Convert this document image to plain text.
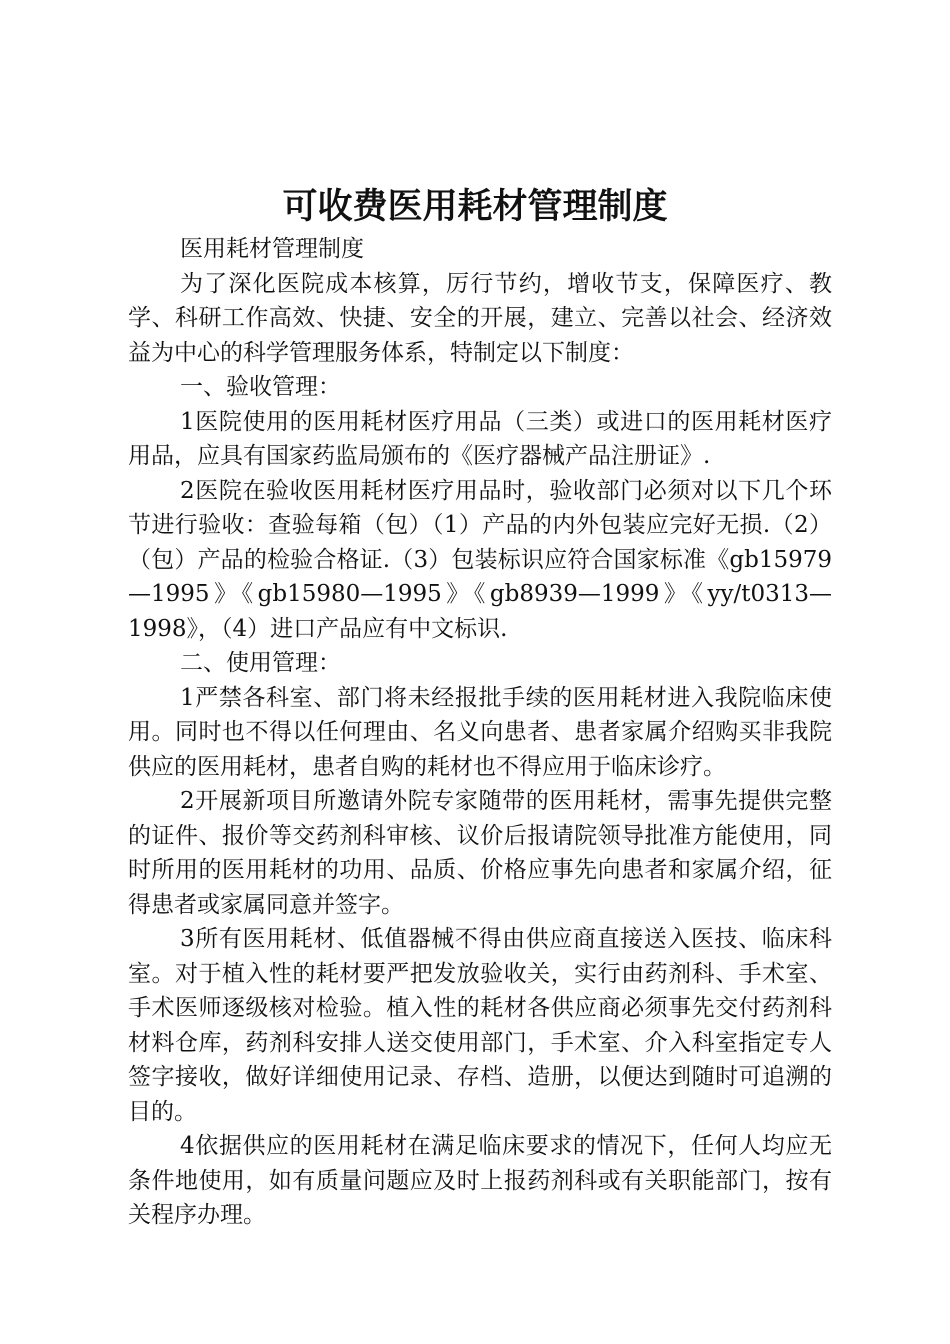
可收费医用耗材管理制度

医用耗材管理制度

为了深化医院成本核算，厉行节约，增收节支，保障医疗、教学、科研工作高效、快捷、安全的开展，建立、完善以社会、经济效益为中心的科学管理服务体系，特制定以下制度：

一、验收管理：

1医院使用的医用耗材医疗用品（三类）或进口的医用耗材医疗用品，应具有国家药监局颁布的《医疗器械产品注册证》.

2医院在验收医用耗材医疗用品时，验收部门必须对以下几个环节进行验收：查验每箱（包）（1）产品的内外包装应完好无损.（2）（包）产品的检验合格证.（3）包装标识应符合国家标准《gb15979—1995》《gb15980—1995》《gb8939—1999》《yy/t0313—1998》，（4）进口产品应有中文标识.

二、使用管理：

1严禁各科室、部门将未经报批手续的医用耗材进入我院临床使用。同时也不得以任何理由、名义向患者、患者家属介绍购买非我院供应的医用耗材，患者自购的耗材也不得应用于临床诊疗。

2开展新项目所邀请外院专家随带的医用耗材，需事先提供完整的证件、报价等交药剂科审核、议价后报请院领导批准方能使用，同时所用的医用耗材的功用、品质、价格应事先向患者和家属介绍，征得患者或家属同意并签字。

3所有医用耗材、低值器械不得由供应商直接送入医技、临床科室。对于植入性的耗材要严把发放验收关，实行由药剂科、手术室、手术医师逐级核对检验。植入性的耗材各供应商必须事先交付药剂科材料仓库，药剂科安排人送交使用部门，手术室、介入科室指定专人签字接收，做好详细使用记录、存档、造册，以便达到随时可追溯的目的。

4依据供应的医用耗材在满足临床要求的情况下，任何人均应无条件地使用，如有质量问题应及时上报药剂科或有关职能部门，按有关程序办理。
